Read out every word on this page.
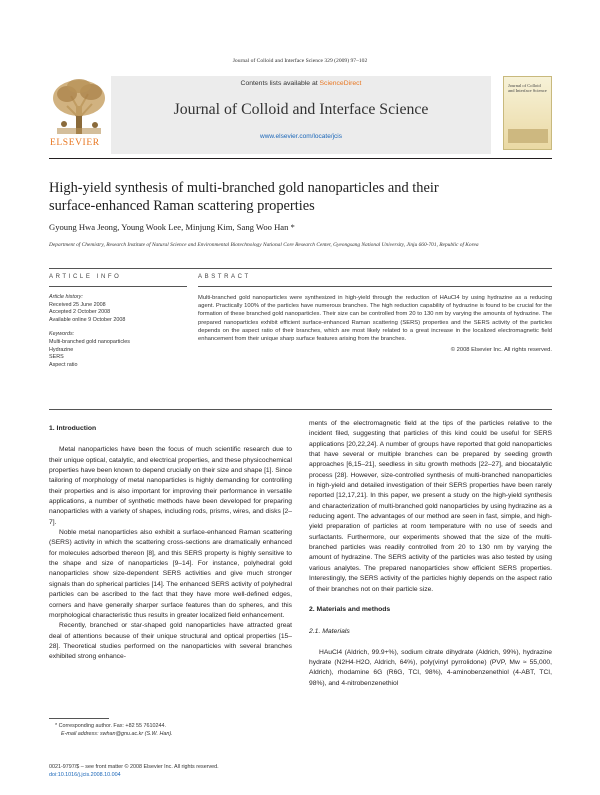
Journal of Colloid and Interface Science 329 (2009) 97–102
ELSEVIER
Contents lists available at ScienceDirect
Journal of Colloid and Interface Science
www.elsevier.com/locate/jcis
Journal of Colloid and Interface Science
High-yield synthesis of multi-branched gold nanoparticles and their
surface-enhanced Raman scattering properties
Gyoung Hwa Jeong, Young Wook Lee, Minjung Kim, Sang Woo Han *
Department of Chemistry, Research Institute of Natural Science and Environmental Biotechnology National Core Research Center, Gyeongsang National University, Jinju 660-701, Republic of Korea
ARTICLE INFO	ABSTRACT
Article history:
Received 25 June 2008
Accepted 2 October 2008
Available online 9 October 2008
Keywords:
Multi-branched gold nanoparticles
Hydrazine
SERS
Aspect ratio
Multi-branched gold nanoparticles were synthesized in high-yield through the reduction of HAuCl4 by using hydrazine as a reducing agent. Practically 100% of the particles have numerous branches. The high reduction capability of hydrazine is found to be crucial for the formation of these branched gold nanoparticles. Their size can be controlled from 20 to 130 nm by varying the amounts of hydrazine. The prepared nanoparticles exhibit efficient surface-enhanced Raman scattering (SERS) properties and the SERS activity of the particles depends on the aspect ratio of their branches, which are most likely related to a great increase in the localized electromagnetic field enhancement from their unique sharp surface features arising from the branches.
© 2008 Elsevier Inc. All rights reserved.
1. Introduction

Metal nanoparticles have been the focus of much scientific research due to their unique optical, catalytic, and electrical properties, and these physicochemical properties have been known to depend crucially on their size and shape [1]. Since tailoring of morphology of metal nanoparticles is highly demanding for controlling their properties and is also important for improving their performance in versatile applications, a number of synthetic methods have been developed for preparing nanoparticles with a variety of shapes, including rods, prisms, wires, and disks [2–7].

Noble metal nanoparticles also exhibit a surface-enhanced Raman scattering (SERS) activity in which the scattering cross-sections are dramatically enhanced for molecules adsorbed thereon [8], and this SERS property is highly sensitive to the shape and size of nanoparticles [9–14]. For instance, polyhedral gold nanoparticles show size-dependent SERS activities and give much stronger signals than do spherical particles [14]. The enhanced SERS activity of polyhedral particles can be ascribed to the fact that they have more well-defined edges, corners and have generally sharper surface features than do spheres, and this morphological characteristic thus results in greater localized field enhancement.

Recently, branched or star-shaped gold nanoparticles have attracted great deal of attentions because of their unique structural and optical properties [15–28]. Theoretical studies performed on the nanoparticles with several branches exhibited strong enhance-

ments of the electromagnetic field at the tips of the particles relative to the incident filed, suggesting that particles of this kind could be useful for SERS applications [20,22,24]. A number of groups have reported that gold nanoparticles that have several or multiple branches can be prepared by seeding growth approaches [6,15–21], seedless in situ growth methods [22–27], and biocatalytic process [28]. However, size-controlled synthesis of multi-branched nanoparticles in high-yield and detailed investigation of their SERS properties have been rarely reported [12,17,21]. In this paper, we present a study on the high-yield synthesis and characterization of multi-branched gold nanoparticles by using hydrazine as a reducing agent. The advantages of our method are seen in fast, simple, and high-yield preparation of particles at room temperature with no use of seeds and surfactants. Furthermore, our experiments showed that the size of the multi-branched particles was readily controlled from 20 to 130 nm by varying the amount of hydrazine. The SERS activity of the particles was also tested by using various analytes. The prepared nanoparticles show efficient SERS properties. Interestingly, the SERS activity of the particles highly depends on the aspect ratio of their branches not on their particle size.

2. Materials and methods
2.1. Materials

HAuCl4 (Aldrich, 99.9+%), sodium citrate dihydrate (Aldrich, 99%), hydrazine hydrate (N2H4·H2O, Aldrich, 64%), poly(vinyl pyrrolidone) (PVP, Mw ≈ 55,000, Aldrich), rhodamine 6G (R6G, TCI, 98%), 4-aminobenzenethiol (4-ABT, TCI, 98%), and 4-nitrobenzenethiol

* Corresponding author. Fax: +82 55 7610244.
E-mail address: swhan@gnu.ac.kr (S.W. Han).
0021-9797/$ – see front matter © 2008 Elsevier Inc. All rights reserved.
doi:10.1016/j.jcis.2008.10.004
